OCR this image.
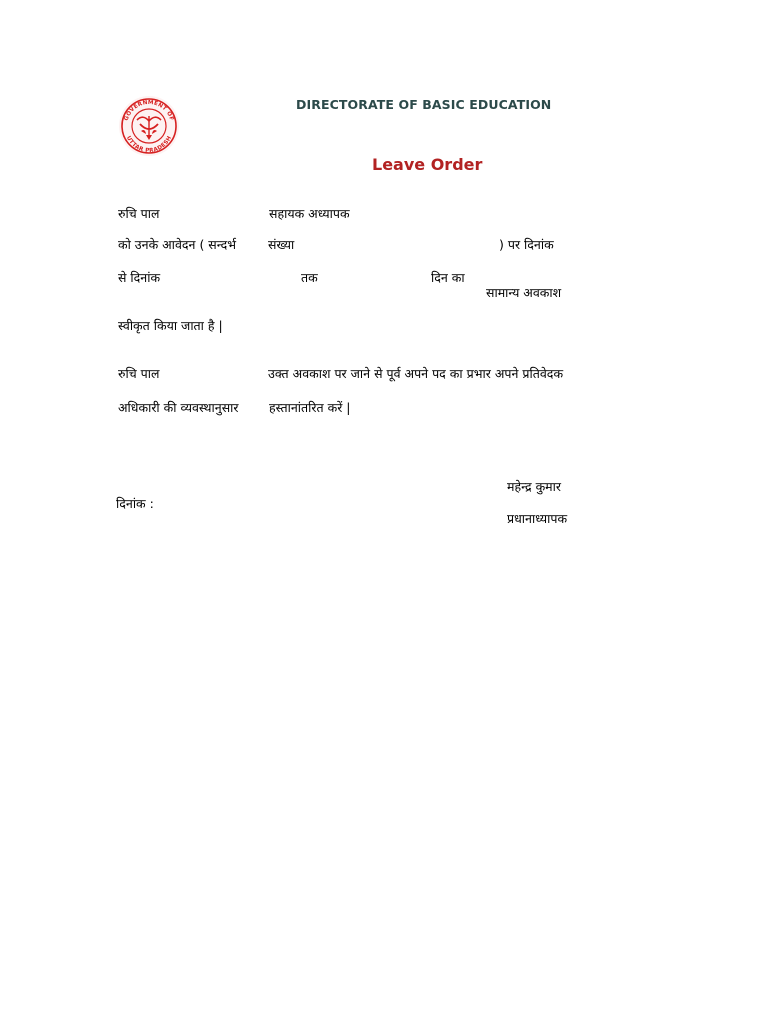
GOVERNMENT OF
UTTAR PRADESH
DIRECTORATE OF BASIC EDUCATION
Leave Order
रुचि पाल	सहायक अध्यापक
को उनके आवेदन ( सन्दर्भ	संख्या	) पर दिनांक
से दिनांक	तक	दिन का
सामान्य अवकाश
स्वीकृत किया जाता है |
रुचि पाल	उक्त अवकाश पर जाने से पूर्व अपने पद का प्रभार अपने प्रतिवेदक
अधिकारी की व्यवस्थानुसार हस्तानांतरित करें |
महेन्द्र कुमार
दिनांक :
प्रधानाध्यापक
